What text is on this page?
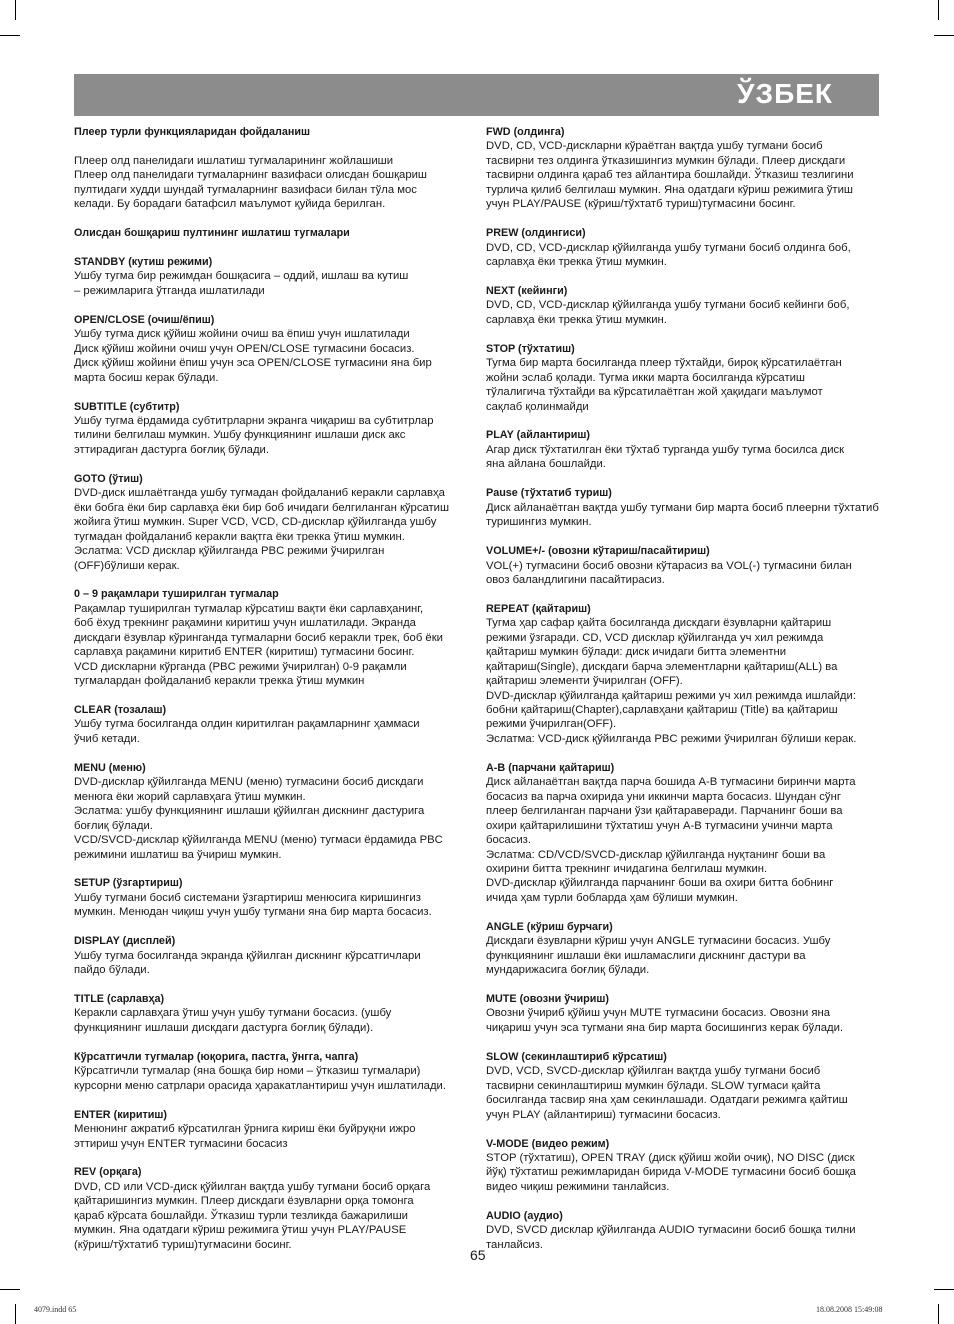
ЎЗБЕК
Плеер турли функцияларидан фойдаланиш
Плеер олд панелидаги ишлатиш тугмаларининг жойлашиши
Плеер олд панелидаги тугмаларнинг вазифаси олисдан бошқариш
пултидаги худди шундай тугмаларнинг вазифаси билан тўла мос
келади. Бу борадаги батафсил маълумот қуйида берилган.
Олисдан бошқариш пултининг ишлатиш тугмалари
STANDBY (кутиш режими)
Ушбу тугма бир режимдан бошқасига – оддий, ишлаш ва кутиш
– режимларига ўтганда ишлатилади
OPEN/CLOSE (очиш/ёпиш)
Ушбу тугма диск қўйиш жойини очиш ва ёпиш учун ишлатилади
Диск қўйиш жойини очиш учун OPEN/CLOSE тугмасини босасиз.
Диск қўйиш жойини ёпиш учун эса OPEN/CLOSE тугмасини яна бир
марта босиш керак бўлади.
SUBTITLE (субтитр)
Ушбу тугма ёрдамида субтитрларни экранга чиқариш ва субтитрлар
тилини белгилаш мумкин. Ушбу функциянинг ишлаши диск акс
эттирадиган дастурга боғлиқ бўлади.
GOTO (ўтиш)
DVD-диск ишлаётганда ушбу тугмадан фойдаланиб керакли сарлавҳа
ёки бобга ёки бир сарлавҳа ёки бир боб ичидаги белгиланган кўрсатиш
жойига ўтиш мумкин. Super VCD, VCD, CD-дисклар қўйилганда ушбу
тугмадан фойдаланиб керакли вақтга ёки трекка ўтиш мумкин.
Эслатма: VCD дисклар қўйилганда PBC режими ўчирилган
(OFF)бўлиши керак.
0 – 9 рақамлари туширилган тугмалар
Рақамлар туширилган тугмалар кўрсатиш вақти ёки сарлавҳанинг,
боб ёхуд трекнинг рақамини киритиш учун ишлатилади. Экранда
дискдаги ёзувлар кўринганда тугмаларни босиб керакли трек, боб ёки
сарлавҳа рақамини киритиб ENTER (киритиш) тугмасини босинг.
VCD дискларни кўрганда (PBC режими ўчирилган) 0-9 рақамли
тугмалардан фойдаланиб керакли трекка ўтиш мумкин
CLEAR (тозалаш)
Ушбу тугма босилганда олдин киритилган рақамларнинг ҳаммаси
ўчиб кетади.
MENU (меню)
DVD-дисклар қўйилганда MENU (меню) тугмасини босиб дискдаги
менюга ёки жорий сарлавҳага ўтиш мумкин.
Эслатма: ушбу функциянинг ишлаши қўйилган дискнинг дастурига
боғлиқ бўлади.
VCD/SVCD-дисклар қўйилганда MENU (меню) тугмаси ёрдамида PBC
режимини ишлатиш ва ўчириш мумкин.
SETUP (ўзгартириш)
Ушбу тугмани босиб системани ўзгартириш менюсига киришингиз
мумкин. Менюдан чиқиш учун ушбу тугмани яна бир марта босасиз.
DISPLAY (дисплей)
Ушбу тугма босилганда экранда қўйилган дискнинг кўрсатгичлари
пайдо бўлади.
TITLE (сарлавҳа)
Керакли сарлавҳага ўтиш учун ушбу тугмани босасиз. (ушбу
функциянинг ишлаши дискдаги дастурга боғлиқ бўлади).
Кўрсатгичли тугмалар (юқорига, пастга, ўнгга, чапга)
Кўрсатгичли тугмалар (яна бошқа бир номи – ўтказиш тугмалари)
курсорни меню сатрлари орасида ҳаракатлантириш учун ишлатилади.
ENTER (киритиш)
Менюнинг ажратиб кўрсатилган ўрнига кириш ёки буйруқни ижро
эттириш учун ENTER тугмасини босасиз
REV (орқага)
DVD, CD или VCD-диск қўйилган вақтда ушбу тугмани босиб орқага
қайтаришингиз мумкин. Плеер дискдаги ёзувларни орқа томонга
қараб кўрсата бошлайди. Ўтказиш турли тезликда бажарилиши
мумкин. Яна одатдаги кўриш режимига ўтиш учун PLAY/PAUSE
(кўриш/тўхтатиб туриш)тугмасини босинг.
FWD (олдинга)
DVD, CD, VCD-дискларни кўраётган вақтда ушбу тугмани босиб
тасвирни тез олдинга ўтказишингиз мумкин бўлади. Плеер дискдаги
тасвирни олдинга қараб тез айлантира бошлайди. Ўтказиш тезлигини
турлича қилиб белгилаш мумкин. Яна одатдаги кўриш режимига ўтиш
учун PLAY/PAUSE (кўриш/тўхтатб туриш)тугмасини босинг.
PREW (олдингиси)
DVD, CD, VCD-дисклар қўйилганда ушбу тугмани босиб олдинга боб,
сарлавҳа ёки трекка ўтиш мумкин.
NEXT (кейинги)
DVD, CD, VCD-дисклар қўйилганда ушбу тугмани босиб кейинги боб,
сарлавҳа ёки трекка ўтиш мумкин.
STOP (тўхтатиш)
Тугма бир марта босилганда плеер тўхтайди, бироқ кўрсатилаётган
жойни эслаб қолади. Тугма икки марта босилганда кўрсатиш
тўлалигича тўхтайди ва кўрсатилаётган жой ҳақидаги маълумот
сақлаб қолинмайди
PLAY (айлантириш)
Агар диск тўхтатилган ёки тўхтаб турганда ушбу тугма босилса диск
яна айлана бошлайди.
Pause (тўхтатиб туриш)
Диск айланаётган вақтда ушбу тугмани бир марта босиб плеерни тўхтатиб
туришингиз мумкин.
VOLUME+/- (овозни кўтариш/пасайтириш)
VOL(+) тугмасини босиб овозни кўтарасиз ва VOL(-) тугмасини билан
овоз баландлигини пасайтирасиз.
REPEAT (қайтариш)
Тугма ҳар сафар қайта босилганда дискдаги ёзувларни қайтариш
режими ўзгаради. CD, VCD дисклар қўйилганда уч хил режимда
қайтариш мумкин бўлади: диск ичидаги битта элементни
қайтариш(Single), дискдаги барча элементларни қайтариш(ALL) ва
қайтариш элементи ўчирилган (OFF).
DVD-дисклар қўйилганда қайтариш режими уч хил режимда ишлайди:
бобни қайтариш(Chapter),сарлавҳани қайтариш (Title) ва қайтариш
режими ўчирилган(OFF).
Эслатма: VCD-диск қўйилганда PBC режими ўчирилган бўлиши керак.
A-B (парчани қайтариш)
Диск айланаётган вақтда парча бошида A-B тугмасини биринчи марта
босасиз ва парча охирида уни иккинчи марта босасиз. Шундан сўнг
плеер белгиланган парчани ўзи қайтараверади. Парчанинг боши ва
охири қайтарилишини тўхтатиш учун A-B тугмасини учинчи марта
босасиз.
Эслатма: CD/VCD/SVCD-дисклар қўйилганда нуқтанинг боши ва
охирини битта трекнинг ичидагина белгилаш мумкин.
DVD-дисклар қўйилганда парчанинг боши ва охири битта бобнинг
ичида ҳам турли бобларда ҳам бўлиши мумкин.
ANGLE (кўриш бурчаги)
Дискдаги ёзувларни кўриш учун ANGLE тугмасини босасиз. Ушбу
функциянинг ишлаши ёки ишламаслиги дискнинг дастури ва
мундарижасига боғлиқ бўлади.
MUTE (овозни ўчириш)
Овозни ўчириб қўйиш учун MUTE тугмасини босасиз. Овозни яна
чиқариш учун эса тугмани яна бир марта босишингиз керак бўлади.
SLOW (секинлаштириб кўрсатиш)
DVD, VCD, SVCD-дисклар қўйилган вақтда ушбу тугмани босиб
тасвирни секинлаштириш мумкин бўлади. SLOW тугмаси қайта
босилганда тасвир яна ҳам секинлашади. Одатдаги режимга қайтиш
учун PLAY (айлантириш) тугмасини босасиз.
V-MODE (видео режим)
STOP (тўхтатиш), OPEN TRAY (диск қўйиш жойи очиқ), NO DISC (диск
йўқ) тўхтатиш режимларидан бирида V-MODE тугмасини босиб бошқа
видео чиқиш режимини танлайсиз.
AUDIO (аудио)
DVD, SVCD дисклар қўйилганда AUDIO тугмасини босиб бошқа тилни
танлайсиз.
65
4079.indd 65	18.08.2008 15:49:08
